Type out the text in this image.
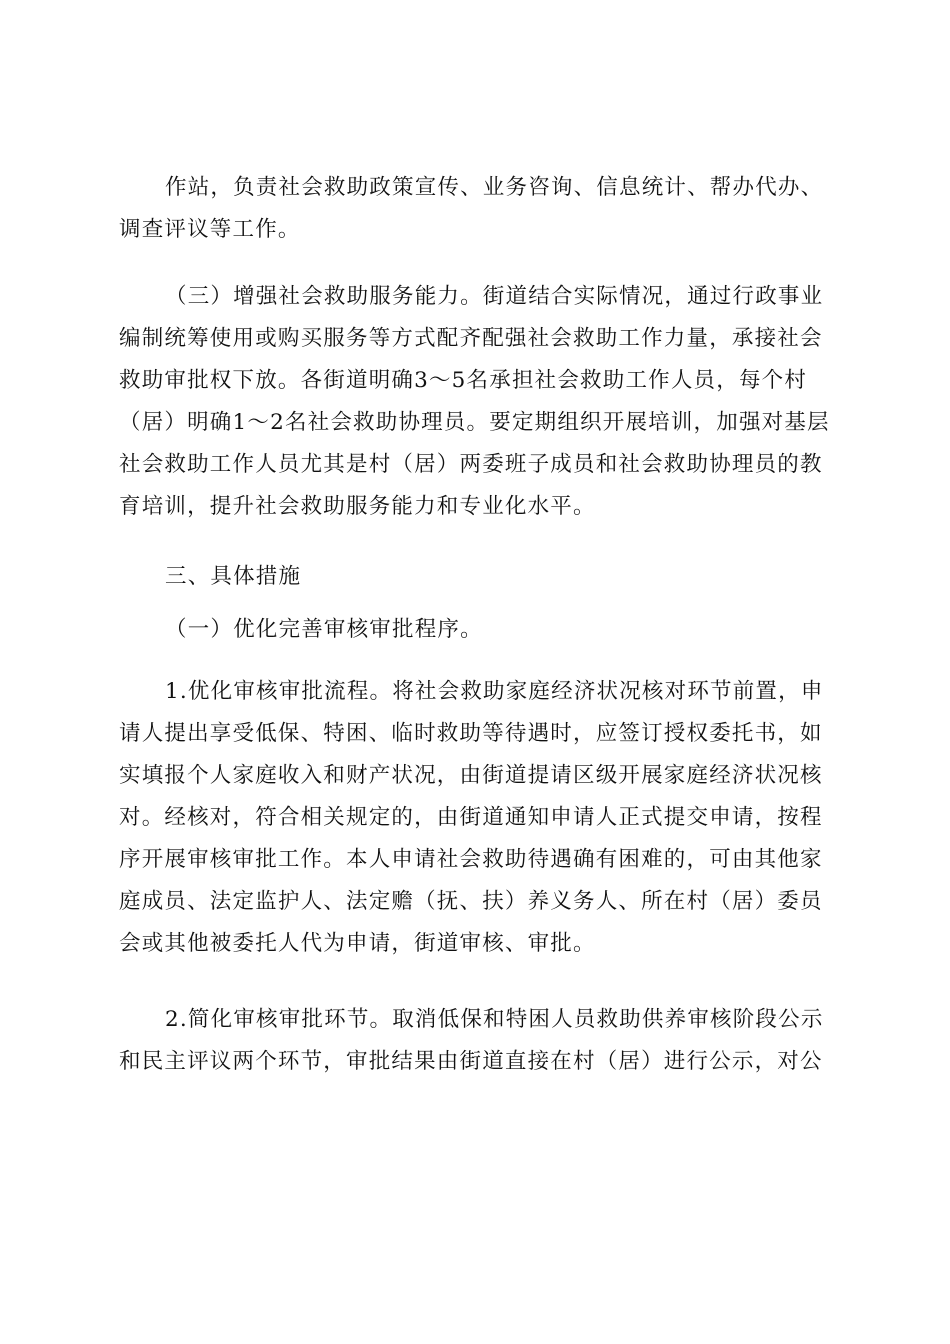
作站，负责社会救助政策宣传、业务咨询、信息统计、帮办代办、
调查评议等工作。
（三）增强社会救助服务能力。街道结合实际情况，通过行政事业
编制统筹使用或购买服务等方式配齐配强社会救助工作力量，承接社会
救助审批权下放。各街道明确3～5名承担社会救助工作人员，每个村
（居）明确1～2名社会救助协理员。要定期组织开展培训，加强对基层
社会救助工作人员尤其是村（居）两委班子成员和社会救助协理员的教
育培训，提升社会救助服务能力和专业化水平。
三、具体措施
（一）优化完善审核审批程序。
1.优化审核审批流程。将社会救助家庭经济状况核对环节前置，申
请人提出享受低保、特困、临时救助等待遇时，应签订授权委托书，如
实填报个人家庭收入和财产状况，由街道提请区级开展家庭经济状况核
对。经核对，符合相关规定的，由街道通知申请人正式提交申请，按程
序开展审核审批工作。本人申请社会救助待遇确有困难的，可由其他家
庭成员、法定监护人、法定赡（抚、扶）养义务人、所在村（居）委员
会或其他被委托人代为申请，街道审核、审批。
2.简化审核审批环节。取消低保和特困人员救助供养审核阶段公示
和民主评议两个环节，审批结果由街道直接在村（居）进行公示，对公
